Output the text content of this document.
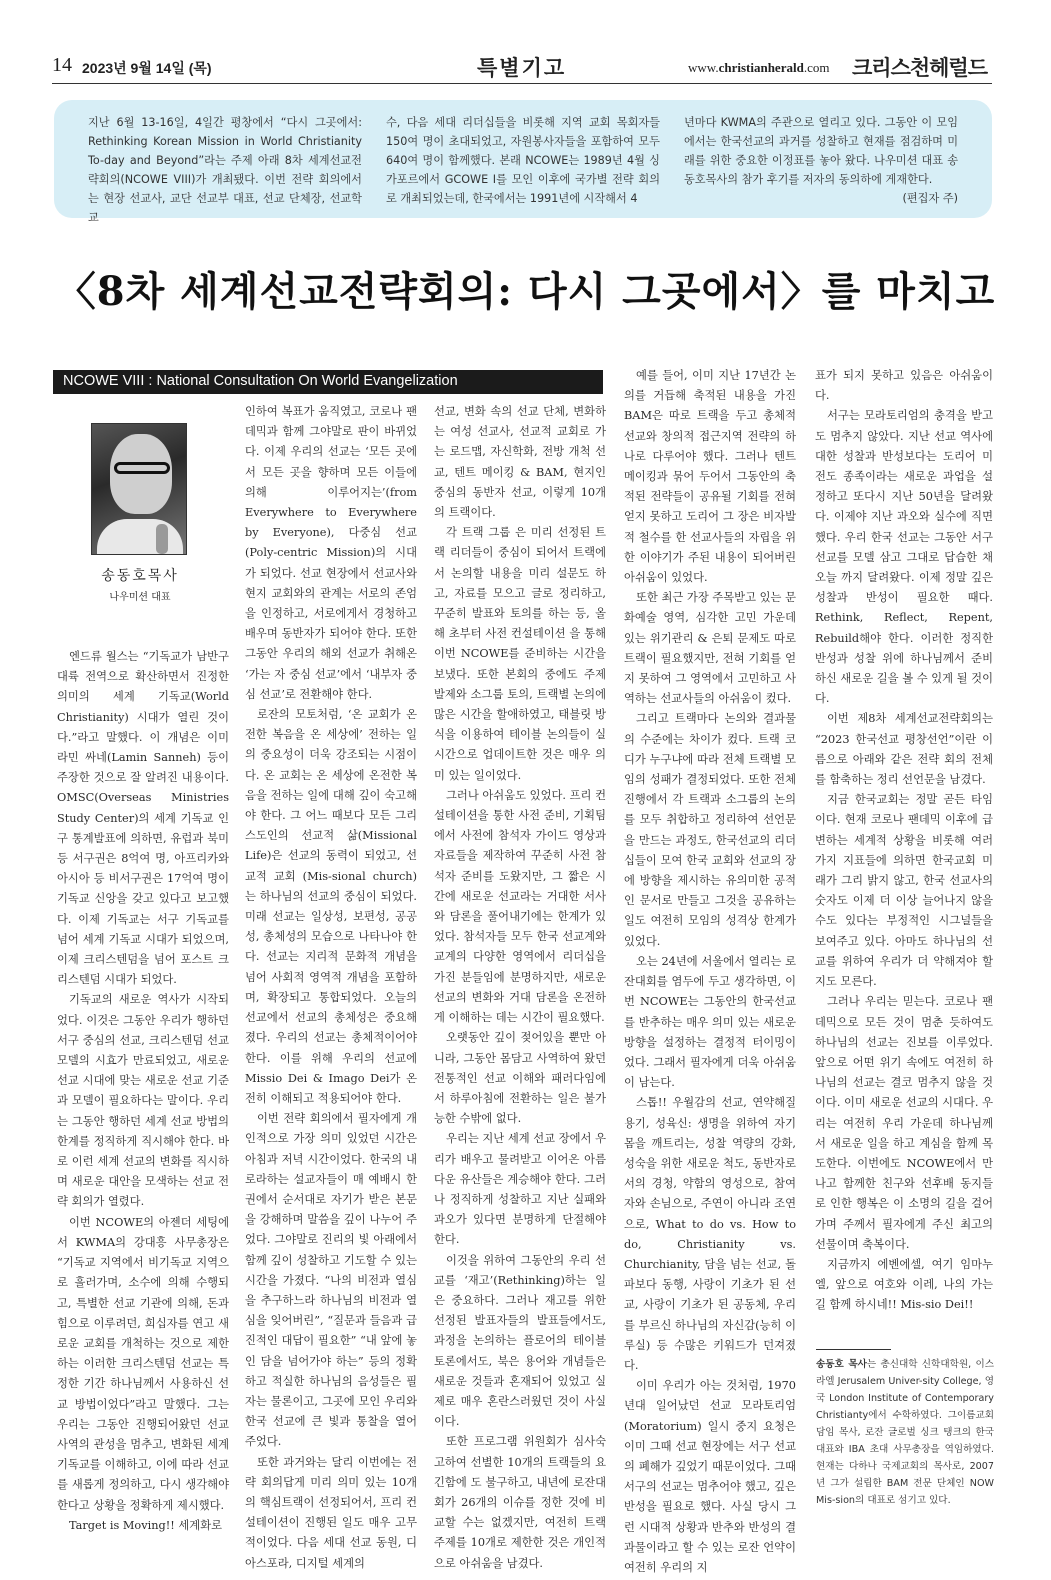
14 2023년 9월 14일 (목)	특별기고	www.christianherald.com 크리스천헤럴드

지난 6월 13-16일, 4일간 평창에서 “다시 그곳에서: Rethinking Korean Mission in World Christianity To-day and Beyond”라는 주제 아래 8차 세계선교전략회의(NCOWE VIII)가 개최됐다. 이번 전략 회의에서는 현장 선교사, 교단 선교부 대표, 선교 단체장, 선교학 교

수, 다음 세대 리더십들을 비롯해 지역 교회 목회자들 150여 명이 초대되었고, 자원봉사자들을 포함하여 모두 640여 명이 함께했다. 본래 NCOWE는 1989년 4월 싱가포르에서 GCOWE I를 모인 이후에 국가별 전략 회의로 개최되었는데, 한국에서는 1991년에 시작해서 4

년마다 KWMA의 주관으로 열리고 있다. 그동안 이 모임에서는 한국선교의 과거를 성찰하고 현재를 점검하며 미래를 위한 중요한 이정표를 놓아 왔다. 나우미션 대표 송동호목사의 참가 후기를 저자의 동의하에 게재한다.
(편집자 주)

〈8차 세계선교전략회의: 다시 그곳에서〉를 마치고
NCOWE VIII : National Consultation On World Evangelization
송동호목사
나우미션 대표

엔드류 월스는 “기독교가 남반구 대륙 전역으로 확산하면서 진정한 의미의 세계 기독교(World Christianity) 시대가 열린 것이다.”라고 말했다. 이 개념은 이미 라민 싸네(Lamin Sanneh) 등이 주장한 것으로 잘 알려진 내용이다. OMSC(Overseas Ministries Study Center)의 세계 기독교 인구 통계발표에 의하면, 유럽과 북미 등 서구권은 8억여 명, 아프리카와 아시아 등 비서구권은 17억여 명이 기독교 신앙을 갖고 있다고 보고했다. 이제 기독교는 서구 기독교를 넘어 세계 기독교 시대가 되었으며, 이제 크리스텐덤을 넘어 포스트 크리스텐덤 시대가 되었다.

기독교의 새로운 역사가 시작되었다. 이것은 그동안 우리가 행하던 서구 중심의 선교, 크리스텐덤 선교 모델의 시효가 만료되었고, 새로운 선교 시대에 맞는 새로운 선교 기준과 모델이 필요하다는 말이다. 우리는 그동안 행하던 세계 선교 방법의 한계를 정직하게 직시해야 한다. 바로 이런 세계 선교의 변화를 직시하며 새로운 대안을 모색하는 선교 전략 회의가 열렸다.

이번 NCOWE의 아젠더 세팅에서 KWMA의 강대흥 사무총장은 “기독교 지역에서 비기독교 지역으로 흘러가며, 소수에 의해 수행되고, 특별한 선교 기관에 의해, 돈과 힘으로 이루려던, 희십자를 연고 새로운 교회를 개척하는 것으로 제한하는 이러한 크리스텐덤 선교는 특정한 기간 하나님께서 사용하신 선교 방법이었다”라고 말했다. 그는 우리는 그동안 진행되어왔던 선교 사역의 관성을 멈추고, 변화된 세계 기독교를 이해하고, 이에 따라 선교를 새롭게 정의하고, 다시 생각해야 한다고 상황을 정확하게 제시했다.

Target is Moving!! 세계화로

인하여 복표가 움직였고, 코로나 팬데믹과 함께 그야말로 판이 바뀌었다. 이제 우리의 선교는 ‘모든 곳에서 모든 곳을 향하며 모든 이들에 의해 이루어지는’(from Everywhere to Everywhere by Everyone), 다중심 선교(Poly-centric Mission)의 시대가 되었다. 선교 현장에서 선교사와 현지 교회와의 관계는 서로의 존엄을 인정하고, 서로에게서 경청하고 배우며 동반자가 되어야 한다. 또한 그동안 우리의 해외 선교가 취해온 ‘가는 자 중심 선교’에서 ‘내부자 중심 선교’로 전환해야 한다.

로잔의 모토처럼, ‘온 교회가 온전한 복음을 온 세상에’ 전하는 일의 중요성이 더욱 강조되는 시점이다. 온 교회는 온 세상에 온전한 복음을 전하는 일에 대해 깊이 숙고해야 한다. 그 어느 때보다 모든 그리스도인의 선교적 삶(Missional Life)은 선교의 동력이 되었고, 선교적 교회 (Mis-sional church)는 하나님의 선교의 중심이 되었다. 미래 선교는 일상성, 보편성, 공공성, 총체성의 모습으로 나타나야 한다. 선교는 지리적 문화적 개념을 넘어 사회적 영역적 개념을 포함하며, 확장되고 통합되었다. 오늘의 선교에서 선교의 총체성은 중요해졌다. 우리의 선교는 총체적이어야 한다. 이를 위해 우리의 선교에 Missio Dei & Imago Dei가 온전히 이해되고 적용되어야 한다.

이번 전략 회의에서 필자에게 개인적으로 가장 의미 있었던 시간은 아침과 저녁 시간이었다. 한국의 내로라하는 설교자들이 매 예배시 한 권에서 순서대로 자기가 받은 본문을 강해하며 말씀을 깊이 나누어 주었다. 그야말로 진리의 빛 아래에서 함께 깊이 성찰하고 기도할 수 있는 시간을 가졌다. “나의 비전과 열심을 추구하느라 하나님의 비전과 열심을 잊어버린”, “질문과 들음과 급진적인 대답이 필요한” “내 앞에 놓인 담을 넘어가야 하는” 등의 정확하고 적실한 하나님의 음성들은 필자는 물론이고, 그곳에 모인 우리와 한국 선교에 큰 빛과 통찰을 열어 주었다.

또한 과거와는 달리 이번에는 전략 회의답게 미리 의미 있는 10개의 핵심트랙이 선정되어서, 프리 컨설테이션이 진행된 일도 매우 고무적이었다. 다음 세대 선교 동원, 디아스포라, 디지털 세계의

선교, 변화 속의 선교 단체, 변화하는 여성 선교사, 선교적 교회로 가는 로드맵, 자신학화, 전방 개척 선교, 텐트 메이킹 & BAM, 현지인 중심의 동반자 선교, 이렇게 10개의 트랙이다.

각 트랙 그룹 은 미리 선정된 트랙 리더들이 중심이 되어서 트랙에서 논의할 내용을 미리 설문도 하고, 자료를 모으고 글로 정리하고, 꾸준히 발표와 토의를 하는 등, 올해 초부터 사전 컨설테이션 을 통해 이번 NCOWE를 준비하는 시간을 보냈다. 또한 본회의 중에도 주제 발제와 소그룹 토의, 트랙별 논의에 많은 시간을 할애하였고, 태블릿 방식을 이용하여 테이블 논의들이 실시간으로 업데이트한 것은 매우 의미 있는 일이었다.

그러나 아쉬움도 있었다. 프리 컨설테이션을 통한 사전 준비, 기획팀에서 사전에 참석자 가이드 영상과 자료들을 제작하여 꾸준히 사전 참석자 준비를 도왔지만, 그 짧은 시간에 새로운 선교라는 거대한 서사와 담론을 풀어내기에는 한계가 있었다. 참석자들 모두 한국 선교계와 교계의 다양한 영역에서 리더십을 가진 분들임에 분명하지만, 새로운 선교의 변화와 거대 담론을 온전하게 이해하는 데는 시간이 필요했다.

오랫동안 깊이 젖어있을 뿐만 아니라, 그동안 몸담고 사역하여 왔던 전통적인 선교 이해와 패러다임에서 하루아침에 전환하는 일은 불가능한 수밖에 없다.

우리는 지난 세계 선교 장에서 우리가 배우고 물려받고 이어온 아름다운 유산들은 계승해야 한다. 그러나 정직하게 성찰하고 지난 실패와 과오가 있다면 분명하게 단절해야 한다.

이것을 위하여 그동안의 우리 선교를 ‘재고’(Rethinking)하는 일은 중요하다. 그러나 재고를 위한 선정된 발표자들의 발표들에서도, 과정을 논의하는 플로어의 테이블 토론에서도, 북은 용어와 개념들은 새로운 것들과 혼재되어 있었고 실제로 매우 혼란스러웠던 것이 사실이다.

또한 프로그램 위원회가 심사숙고하여 선별한 10개의 트랙들의 요긴함에 도 불구하고, 내년에 로잔대회가 26개의 이슈를 정한 것에 비교할 수는 없겠지만, 여전히 트랙 주제를 10개로 제한한 것은 개인적으로 아쉬움을 남겼다.

예를 들어, 이미 지난 17년간 논의를 거듭해 축적된 내용을 가진 BAM은 따로 트랙을 두고 총체적 선교와 창의적 접근지역 전략의 하나로 다루어야 했다. 그러나 텐트 메이킹과 묶어 두어서 그동안의 축적된 전략들이 공유될 기회를 전혀 얻지 못하고 도리어 그 장은 비자발적 철수를 한 선교사들의 자립을 위한 이야기가 주된 내용이 되어버린 아쉬움이 있었다.

또한 최근 가장 주목받고 있는 문화예술 영역, 심각한 고민 가운데 있는 위기관리 & 은퇴 문제도 따로 트랙이 필요했지만, 전혀 기회를 얻지 못하여 그 영역에서 고민하고 사역하는 선교사들의 아쉬움이 컸다.

그리고 트랙마다 논의와 결과물의 수준에는 차이가 컸다. 트랙 코디가 누구냐에 따라 전체 트랙별 모임의 성패가 결정되었다. 또한 전체 진행에서 각 트랙과 소그룹의 논의를 모두 취합하고 정리하여 선언문을 만드는 과정도, 한국선교의 리더십들이 모여 한국 교회와 선교의 장에 방향을 제시하는 유의미한 공적인 문서로 만들고 그것을 공유하는 일도 여전히 모임의 성격상 한계가 있었다.

오는 24년에 서울에서 열리는 로잔대회를 염두에 두고 생각하면, 이번 NCOWE는 그동안의 한국선교를 반추하는 매우 의미 있는 새로운 방향을 설정하는 결정적 터이밍이었다. 그래서 필자에게 더욱 아쉬움이 남는다.

스톱!! 우월감의 선교, 연약해질 용기, 성육신: 생명을 위하여 자기 몸을 깨트리는, 성찰 역량의 강화, 성숙을 위한 새로운 척도, 동반자로서의 경청, 약함의 영성으로, 참여자와 손님으로, 주연이 아니라 조연으로, What to do vs. How to do, Christianity vs. Churchianity, 담을 넘는 선교, 돌파보다 동행, 사랑이 기초가 된 선교, 사랑이 기초가 된 공동체, 우리를 부르신 하나님의 자신감(능히 이루실) 등 수많은 키워드가 던져졌다.

이미 우리가 아는 것처럼, 1970년대 일어났던 선교 모라토리엄(Moratorium) 일시 중지 요청은 이미 그때 선교 현장에는 서구 선교의 폐해가 깊었기 때문이었다. 그때 서구의 선교는 멈추어야 했고, 깊은 반성을 필요로 했다. 사실 당시 그런 시대적 상황과 반추와 반성의 결과물이라고 할 수 있는 로잔 언약이 여전히 우리의 지

표가 되지 못하고 있음은 아쉬움이다.

서구는 모라토리엄의 충격을 받고도 멈추지 않았다. 지난 선교 역사에 대한 성찰과 반성보다는 도리어 미전도 종족이라는 새로운 과업을 설정하고 또다시 지난 50년을 달려왔다. 이제야 지난 과오와 실수에 직면했다. 우리 한국 선교는 그동안 서구 선교를 모델 삼고 그대로 답습한 채 오늘 까지 달려왔다. 이제 정말 깊은 성찰과 반성이 필요한 때다. Rethink, Reflect, Repent, Rebuild해야 한다. 이러한 정직한 반성과 성찰 위에 하나님께서 준비하신 새로운 길을 볼 수 있게 될 것이다.

이번 제8차 세계선교전략회의는 “2023 한국선교 평창선언”이란 이름으로 아래와 같은 전략 회의 전체를 함축하는 정리 선언문을 남겼다.

지금 한국교회는 정말 곧든 타임이다. 현재 코로나 팬데믹 이후에 급변하는 세계적 상황을 비롯해 여러 가지 지표들에 의하면 한국교회 미래가 그리 밝지 않고, 한국 선교사의 숫자도 이제 더 이상 늘어나지 않을 수도 있다는 부정적인 시그널들을 보여주고 있다. 아마도 하나님의 선교를 위하여 우리가 더 약해져야 할지도 모른다.

그러나 우리는 믿는다. 코로나 팬데믹으로 모든 것이 멈춘 듯하여도 하나님의 선교는 진보를 이루었다. 앞으로 어떤 위기 속에도 여전히 하나님의 선교는 결코 멈추지 않을 것이다. 이미 새로운 선교의 시대다. 우리는 여전히 우리 가운데 하나님께서 새로운 일을 하고 계심을 함께 목도한다. 이번에도 NCOWE에서 만나고 함께한 친구와 선후배 동지들로 인한 행복은 이 소명의 길을 걸어가며 주께서 필자에게 주신 최고의 선물이며 축복이다.

지금까지 에벤에셀, 여기 임마누엘, 앞으로 여호와 이레, 나의 가는 길 함께 하시네!! Mis-sio Dei!!

송동호 목사는 총신대학 신학대학원, 이스라엘 Jerusalem Univer-sity College, 영국 London Institute of Contemporary Christianty에서 수학하였다. 그이름교회 담임 목사, 로잔 글로벌 싱크 탱크의 한국 대표와 IBA 초대 사무총장을 역임하였다. 현재는 다하나 국제교회의 목사로, 2007년 그가 설립한 BAM 전문 단체인 NOW Mis-sion의 대표로 섬기고 있다.
